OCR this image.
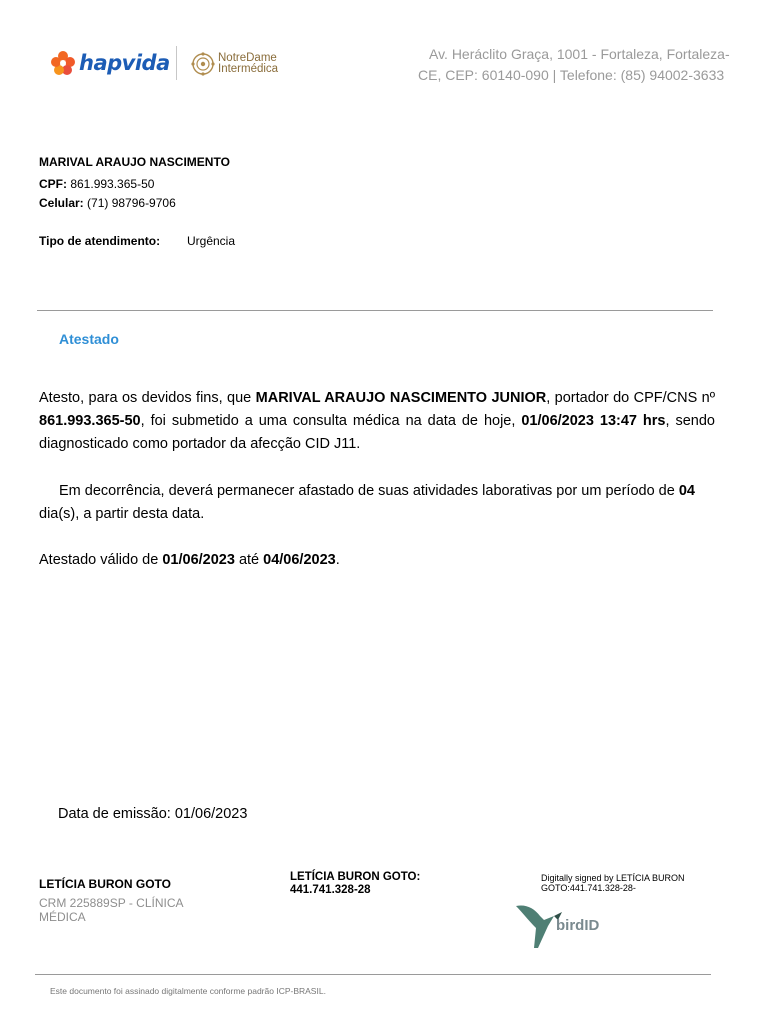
hapvida	NotreDame
Intermédica
Av. Heráclito Graça, 1001 - Fortaleza, Fortaleza- CE, CEP: 60140-090 | Telefone: (85) 94002-3633
MARIVAL ARAUJO NASCIMENTO
CPF: 861.993.365-50
Celular: (71) 98796-9706
Tipo de atendimento: Urgência
Atestado
Atesto, para os devidos fins, que MARIVAL ARAUJO NASCIMENTO JUNIOR, portador do CPF/CNS nº 861.993.365-50, foi submetido a uma consulta médica na data de hoje, 01/06/2023 13:47 hrs, sendo diagnosticado como portador da afecção CID J11.
Em decorrência, deverá permanecer afastado de suas atividades laborativas por um período de 04 dia(s), a partir desta data.
Atestado válido de 01/06/2023 até 04/06/2023.
Data de emissão: 01/06/2023
LETÍCIA BURON GOTO
CRM 225889SP - CLÍNICA MÉDICA
LETÍCIA BURON GOTO: 441.741.328-28
Digitally signed by LETÍCIA BURON GOTO:441.741.328-28-
birdID
Este documento foi assinado digitalmente conforme padrão ICP-BRASIL.
